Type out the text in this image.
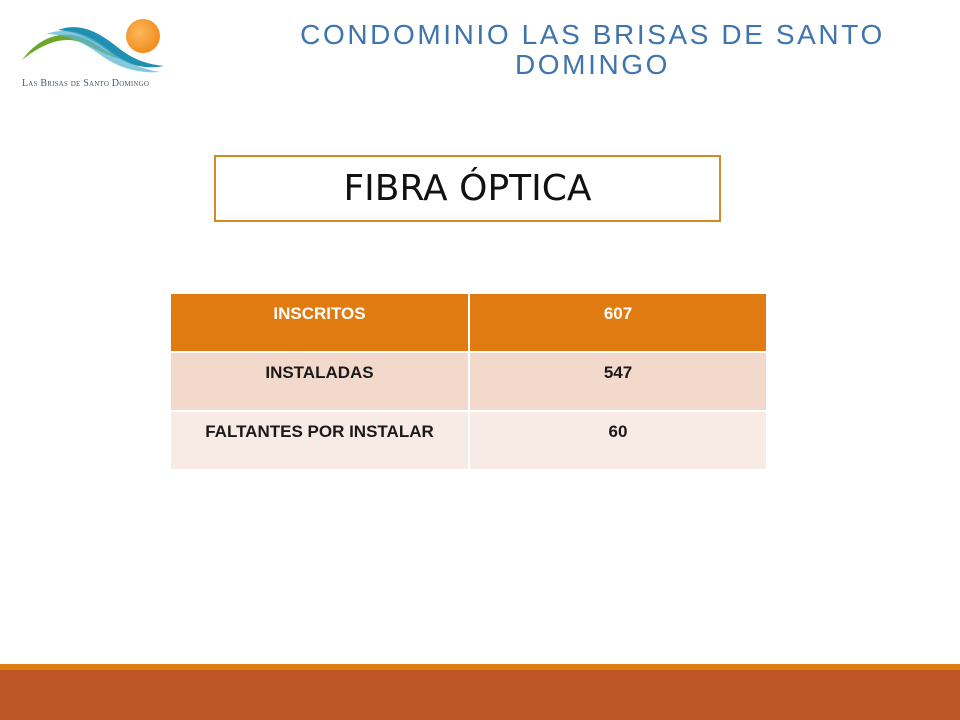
Las Brisas de Santo Domingo
CONDOMINIO LAS BRISAS DE SANTO DOMINGO
FIBRA ÓPTICA
INSCRITOS	607

INSTALADAS	547

FALTANTES POR INSTALAR	60
